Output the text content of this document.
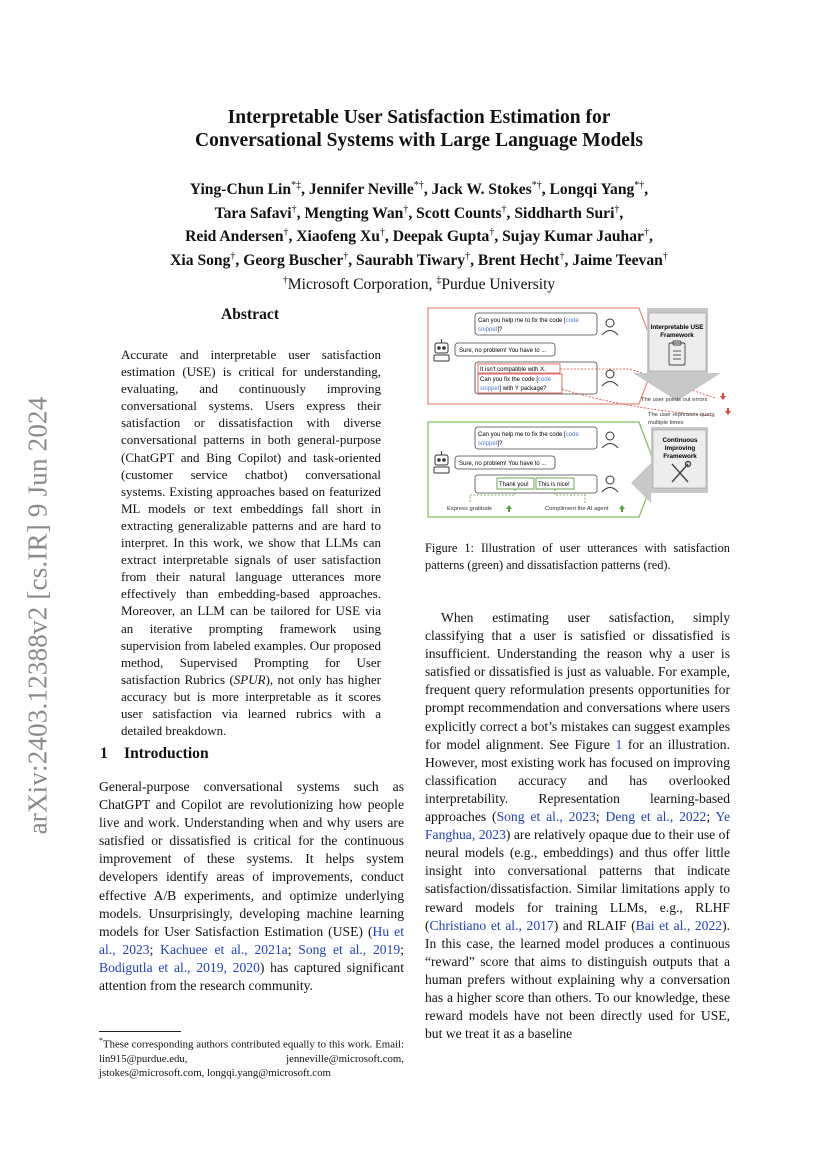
arXiv:2403.12388v2 [cs.IR] 9 Jun 2024
Interpretable User Satisfaction Estimation for
Conversational Systems with Large Language Models
Ying-Chun Lin*‡, Jennifer Neville*†, Jack W. Stokes*†, Longqi Yang*†,
Tara Safavi†, Mengting Wan†, Scott Counts†, Siddharth Suri†,
Reid Andersen†, Xiaofeng Xu†, Deepak Gupta†, Sujay Kumar Jauhar†,
Xia Song†, Georg Buscher†, Saurabh Tiwary†, Brent Hecht†, Jaime Teevan†
†Microsoft Corporation, ‡Purdue University
Abstract
Accurate and interpretable user satisfaction estimation (USE) is critical for understanding, evaluating, and continuously improving conversational systems. Users express their satisfaction or dissatisfaction with diverse conversational patterns in both general-purpose (ChatGPT and Bing Copilot) and task-oriented (customer service chatbot) conversational systems. Existing approaches based on featurized ML models or text embeddings fall short in extracting generalizable patterns and are hard to interpret. In this work, we show that LLMs can extract interpretable signals of user satisfaction from their natural language utterances more effectively than embedding-based approaches. Moreover, an LLM can be tailored for USE via an iterative prompting framework using supervision from labeled examples. Our proposed method, Supervised Prompting for User satisfaction Rubrics (SPUR), not only has higher accuracy but is more interpretable as it scores user satisfaction via learned rubrics with a detailed breakdown.
1 Introduction
General-purpose conversational systems such as ChatGPT and Copilot are revolutionizing how people live and work. Understanding when and why users are satisfied or dissatisfied is critical for the continuous improvement of these systems. It helps system developers identify areas of improvements, conduct effective A/B experiments, and optimize underlying models. Unsurprisingly, developing machine learning models for User Satisfaction Estimation (USE) (Hu et al., 2023; Kachuee et al., 2021a; Song et al., 2019; Bodigutla et al., 2019, 2020) has captured significant attention from the research community.
*These corresponding authors contributed equally to this work. Email: lin915@purdue.edu, jenneville@microsoft.com, jstokes@microsoft.com, longqi.yang@microsoft.com
Can you help me to fix the code [code
snippet]?
Sure, no problem! You have to ...
It isn't compatible with X.
Can you fix the code [code
snippet] with Y package?
Interpretable USE
Framework
The user points out errors
The user rephrases query
multiple times
Continuous
Improving
Framework
Can you help me to fix the code [code
snippet]?
Sure, no problem! You have to ...
Thank you! This is nice!
Express gratitude	Compliment the AI agent
Figure 1: Illustration of user utterances with satisfaction patterns (green) and dissatisfaction patterns (red).
When estimating user satisfaction, simply classifying that a user is satisfied or dissatisfied is insufficient. Understanding the reason why a user is satisfied or dissatisfied is just as valuable. For example, frequent query reformulation presents opportunities for prompt recommendation and conversations where users explicitly correct a bot’s mistakes can suggest examples for model alignment. See Figure 1 for an illustration. However, most existing work has focused on improving classification accuracy and has overlooked interpretability. Representation learning-based approaches (Song et al., 2023; Deng et al., 2022; Ye Fanghua, 2023) are relatively opaque due to their use of neural models (e.g., embeddings) and thus offer little insight into conversational patterns that indicate satisfaction/dissatisfaction. Similar limitations apply to reward models for training LLMs, e.g., RLHF (Christiano et al., 2017) and RLAIF (Bai et al., 2022). In this case, the learned model produces a continuous “reward” score that aims to distinguish outputs that a human prefers without explaining why a conversation has a higher score than others. To our knowledge, these reward models have not been directly used for USE, but we treat it as a baseline
